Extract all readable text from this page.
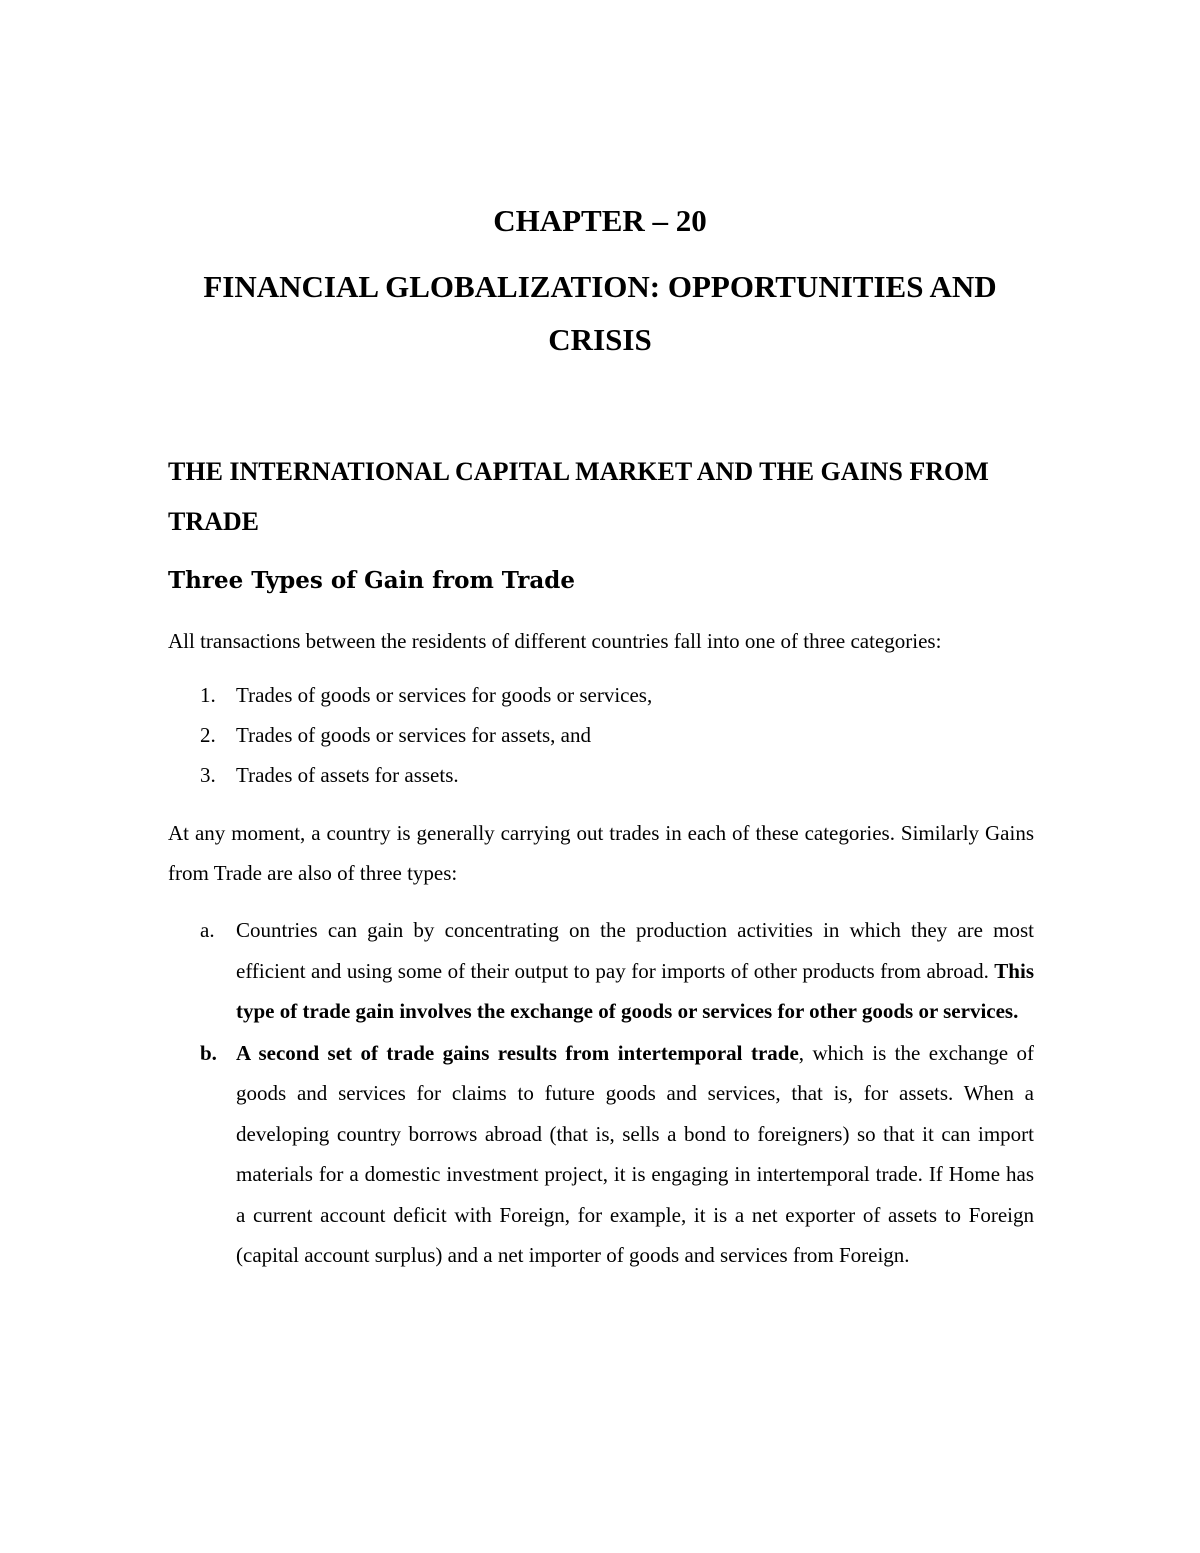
CHAPTER – 20
FINANCIAL GLOBALIZATION: OPPORTUNITIES AND
CRISIS
THE INTERNATIONAL CAPITAL MARKET AND THE GAINS FROM
TRADE
Three Types of Gain from Trade

All transactions between the residents of different countries fall into one of three categories:

1. Trades of goods or services for goods or services,
2. Trades of goods or services for assets, and
3. Trades of assets for assets.

At any moment, a country is generally carrying out trades in each of these categories. Similarly Gains from Trade are also of three types:

a. Countries can gain by concentrating on the production activities in which they are most efficient and using some of their output to pay for imports of other products from abroad. This type of trade gain involves the exchange of goods or services for other goods or services.
b. A second set of trade gains results from intertemporal trade, which is the exchange of goods and services for claims to future goods and services, that is, for assets. When a developing country borrows abroad (that is, sells a bond to foreigners) so that it can import materials for a domestic investment project, it is engaging in intertemporal trade. If Home has a current account deficit with Foreign, for example, it is a net exporter of assets to Foreign (capital account surplus) and a net importer of goods and services from Foreign.
